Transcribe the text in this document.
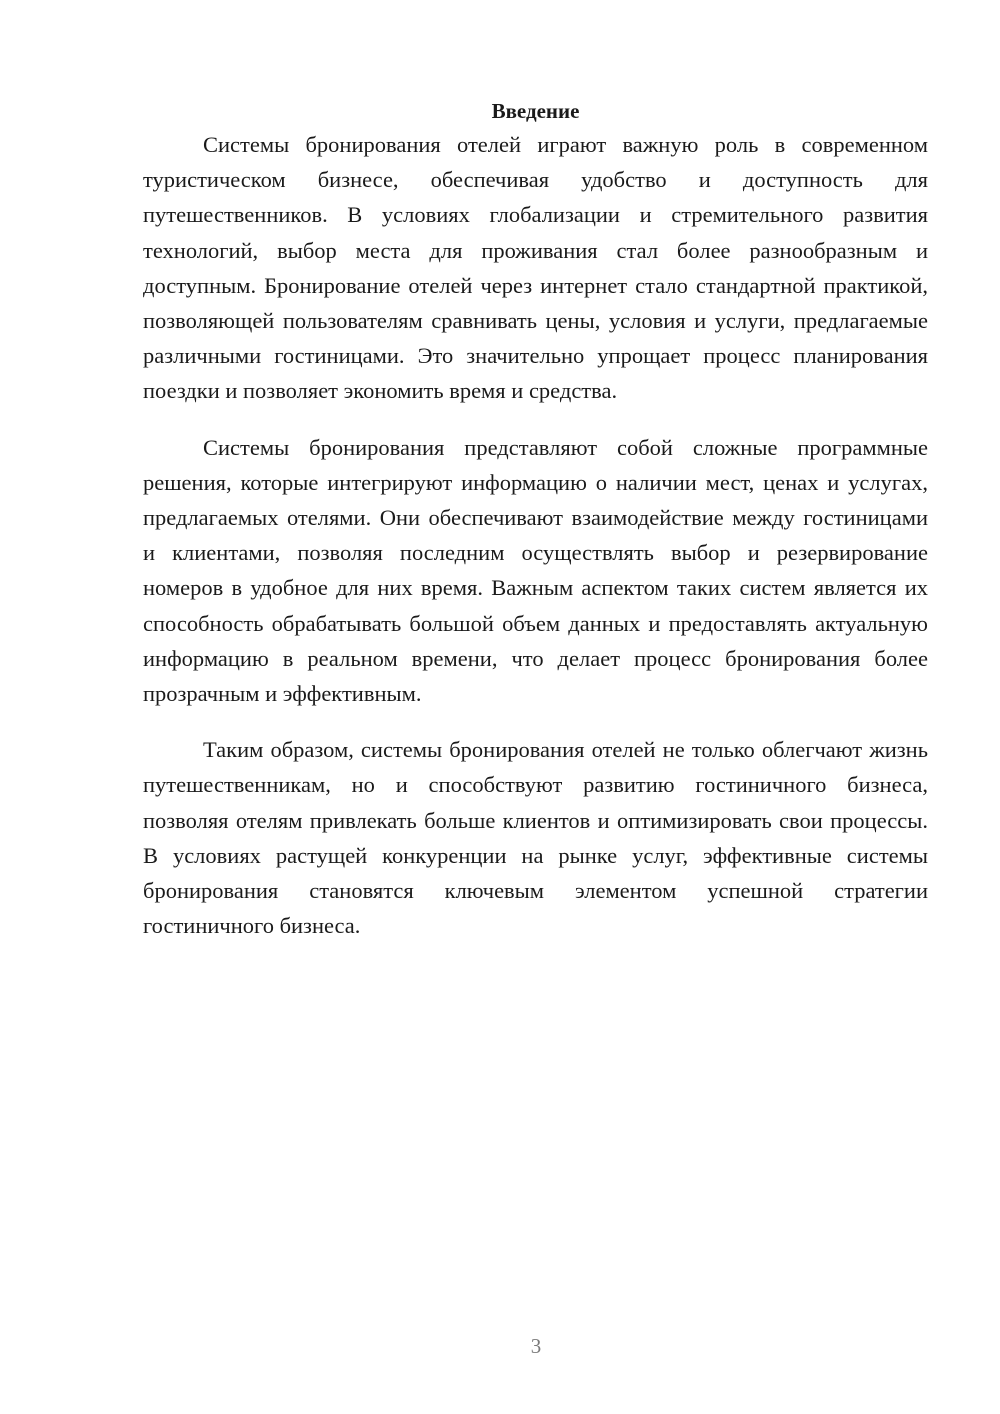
Введение

Системы бронирования отелей играют важную роль в современном туристическом бизнесе, обеспечивая удобство и доступность для путешественников. В условиях глобализации и стремительного развития технологий, выбор места для проживания стал более разнообразным и доступным. Бронирование отелей через интернет стало стандартной практикой, позволяющей пользователям сравнивать цены, условия и услуги, предлагаемые различными гостиницами. Это значительно упрощает процесс планирования поездки и позволяет экономить время и средства.

Системы бронирования представляют собой сложные программные решения, которые интегрируют информацию о наличии мест, ценах и услугах, предлагаемых отелями. Они обеспечивают взаимодействие между гостиницами и клиентами, позволяя последним осуществлять выбор и резервирование номеров в удобное для них время. Важным аспектом таких систем является их способность обрабатывать большой объем данных и предоставлять актуальную информацию в реальном времени, что делает процесс бронирования более прозрачным и эффективным.

Таким образом, системы бронирования отелей не только облегчают жизнь путешественникам, но и способствуют развитию гостиничного бизнеса, позволяя отелям привлекать больше клиентов и оптимизировать свои процессы. В условиях растущей конкуренции на рынке услуг, эффективные системы бронирования становятся ключевым элементом успешной стратегии гостиничного бизнеса.

3
